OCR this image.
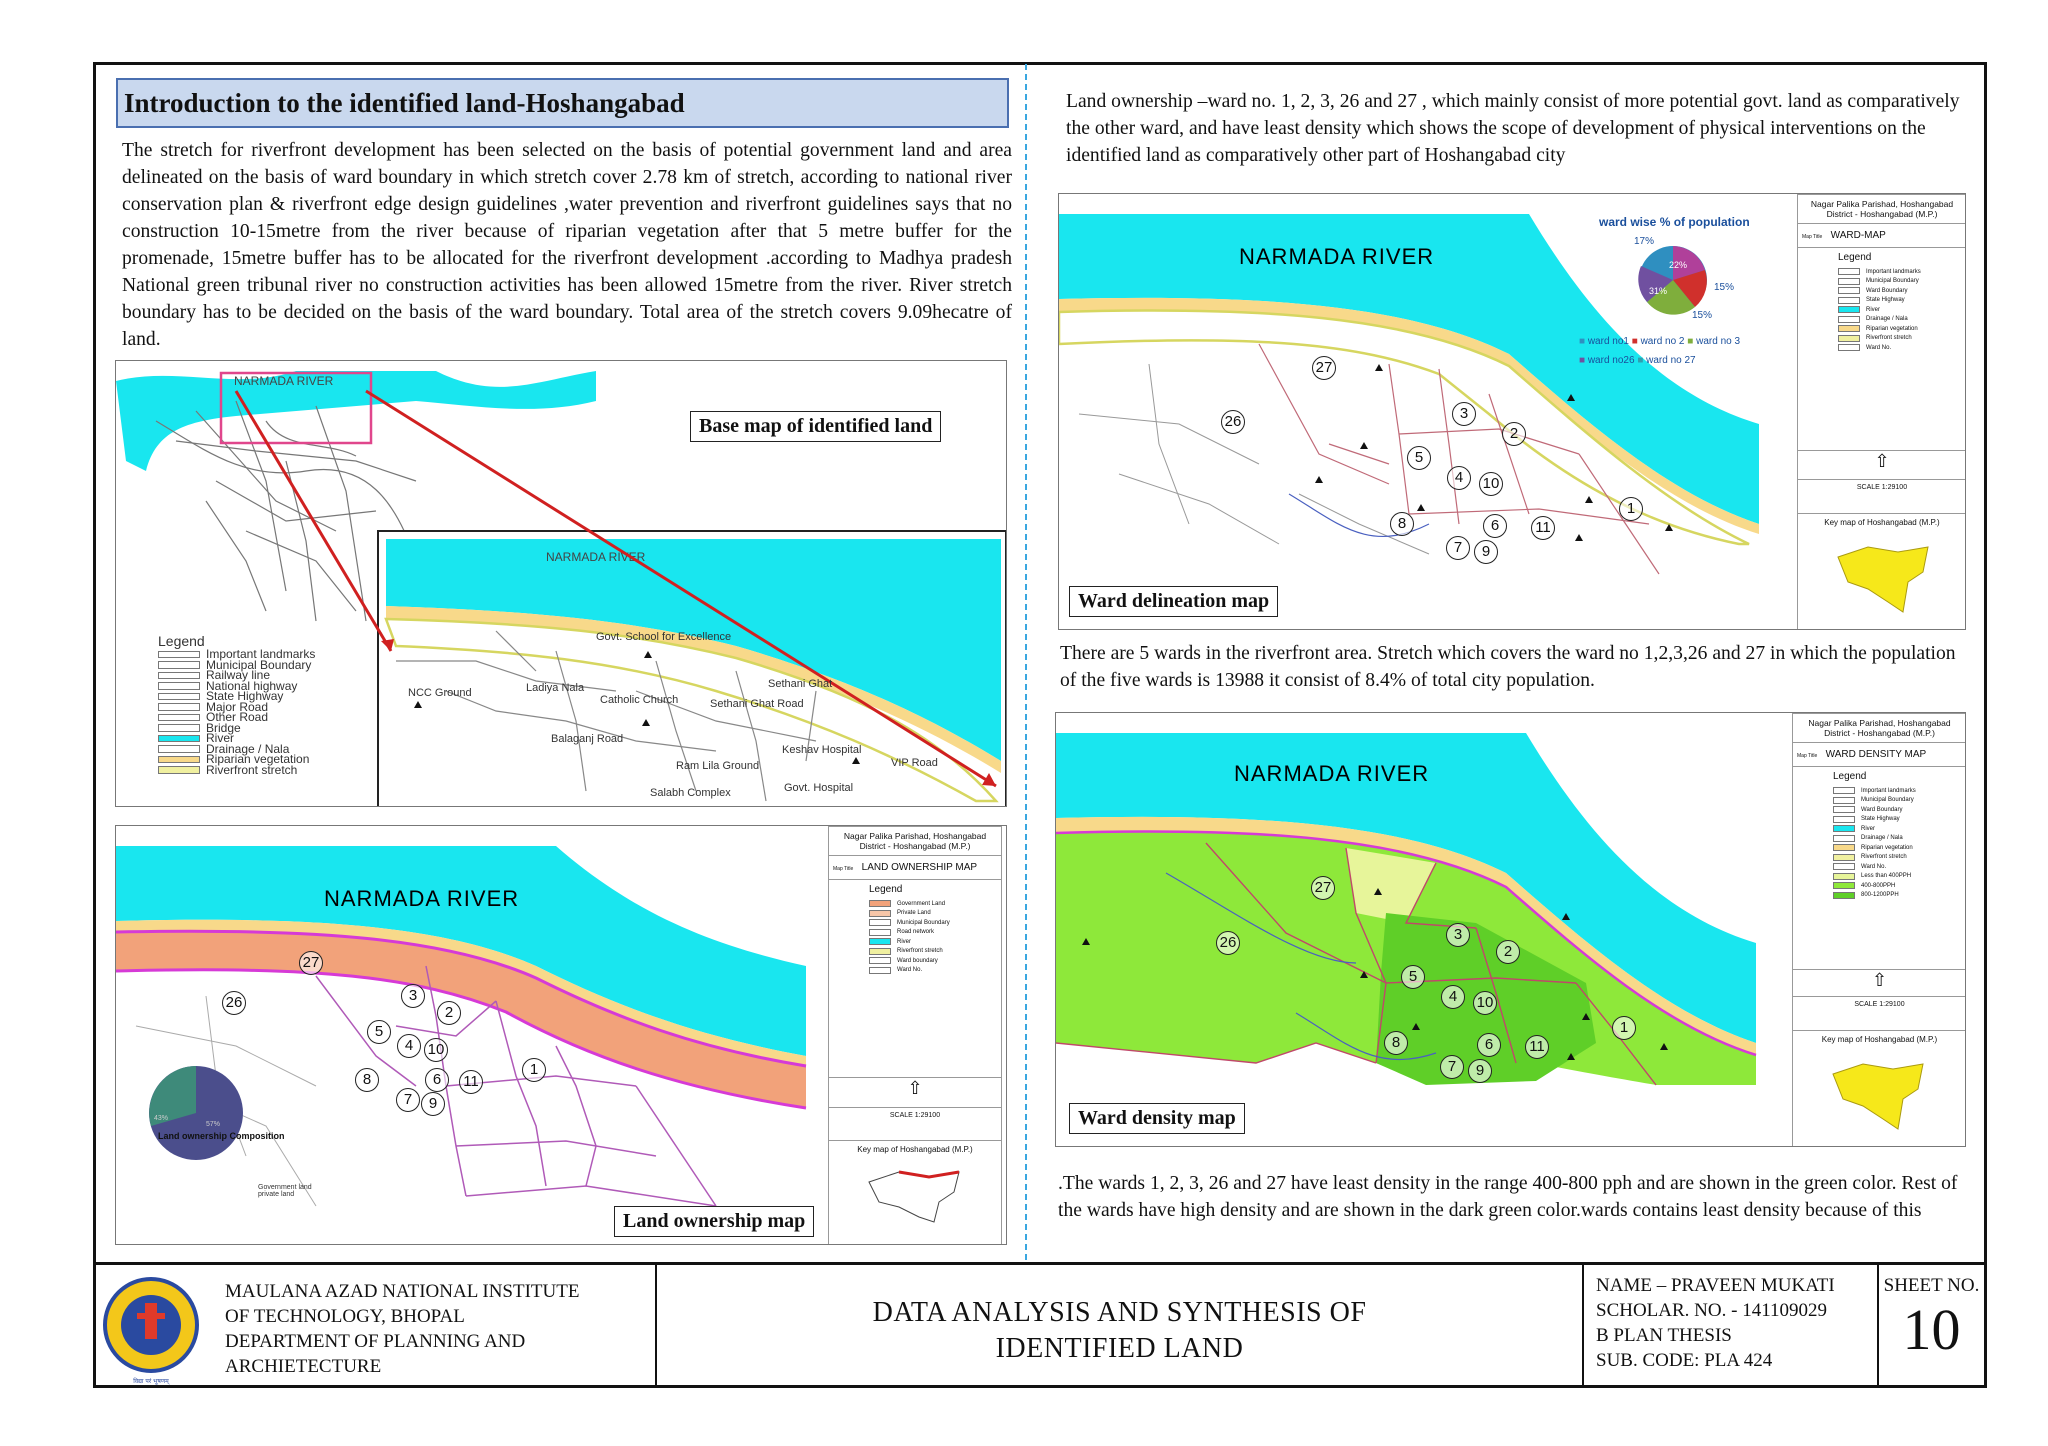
Introduction to the identified land-Hoshangabad
The stretch for riverfront development has been selected on the basis of potential government land and area delineated on the basis of ward boundary in which stretch cover 2.78 km of stretch, according to national river conservation plan & riverfront edge design guidelines ,water prevention and riverfront guidelines says that no construction 10-15metre from the river because of riparian vegetation after that 5 metre buffer for the promenade, 15metre buffer has to be allocated for the riverfront development .according to Madhya pradesh National green tribunal river no construction activities has been allowed 15metre from the river. River stretch boundary has to be decided on the basis of the ward boundary. Total area of the stretch covers 9.09hecatre of land.
NARMADA RIVER
NARMADA RIVER
Govt. School for Excellence
NCC Ground	Ladiya Nala
Catholic Church
Sethani Ghat
Sethani Ghat Road
Balaganj Road
Keshav Hospital
Ram Lila Ground	VIP Road
Govt. Hospital
Salabh Complex
Base map of identified land
Legend
Important landmarks
Municipal Boundary
Railway line
National highway
State Highway
Major Road
Other Road
Bridge
River
Drainage / Nala
Riparian vegetation
Riverfront stretch
43%
57%
NARMADA RIVER
27
26	3
2
5
4 10
1
8	6	11
7	9
Land ownership Composition
Government land
private land
Land ownership map
Nagar Palika Parishad, Hoshangabad District - Hoshangabad (M.P.)
Map Title LAND OWNERSHIP MAP
Legend
Government Land
Private Land
Municipal Boundary
Road network
River
Riverfront stretch
Ward boundary
Ward No.
⇧
SCALE 1:29100
Key map of Hoshangabad (M.P.)
Land ownership –ward no. 1, 2, 3, 26 and 27 , which mainly consist of more potential govt. land as comparatively the other ward, and have least density which shows the scope of development of physical interventions on the identified land as comparatively other part of Hoshangabad city
NARMADA RIVER	22%
31%
ward wise % of population
17%
15%
15%
■ ward no1 ■ ward no 2 ■ ward no 3
■ ward no26 ■ ward no 27
27
26	3
2
5
4	10
1
8	6	11
7	9
Ward delineation map
Nagar Palika Parishad, Hoshangabad District - Hoshangabad (M.P.)
Map Title WARD-MAP
Legend
Important landmarks
Municipal Boundary
Ward Boundary
State Highway
River
Drainage / Nala
Riparian vegetation
Riverfront stretch
Ward No.
⇧
SCALE 1:29100
Key map of Hoshangabad (M.P.)
There are 5 wards in the riverfront area. Stretch which covers the ward no 1,2,3,26 and 27 in which the population of the five wards is 13988 it consist of 8.4% of total city population.
NARMADA RIVER
27
26	3
2
5
4	10
1
8	6	11
7	9
Ward density map
Nagar Palika Parishad, Hoshangabad District - Hoshangabad (M.P.)
Map Title WARD DENSITY MAP
Legend
Important landmarks
Municipal Boundary
Ward Boundary
State Highway
River
Drainage / Nala
Riparian vegetation
Riverfront stretch
Ward No.
Less than 400PPH
400-800PPH
800-1200PPH
⇧
SCALE 1:29100
Key map of Hoshangabad (M.P.)
.The wards 1, 2, 3, 26 and 27 have least density in the range 400-800 pph and are shown in the green color. Rest of the wards have high density and are shown in the dark green color.wards contains least density because of this
विद्या परं भूषणम्
MAULANA AZAD NATIONAL INSTITUTE
OF TECHNOLOGY, BHOPAL
DEPARTMENT OF PLANNING AND
ARCHIETECTURE
DATA ANALYSIS AND SYNTHESIS OF
IDENTIFIED LAND
NAME – PRAVEEN MUKATI
SCHOLAR. NO. - 141109029
B PLAN THESIS
SUB. CODE: PLA 424
SHEET NO.
10
